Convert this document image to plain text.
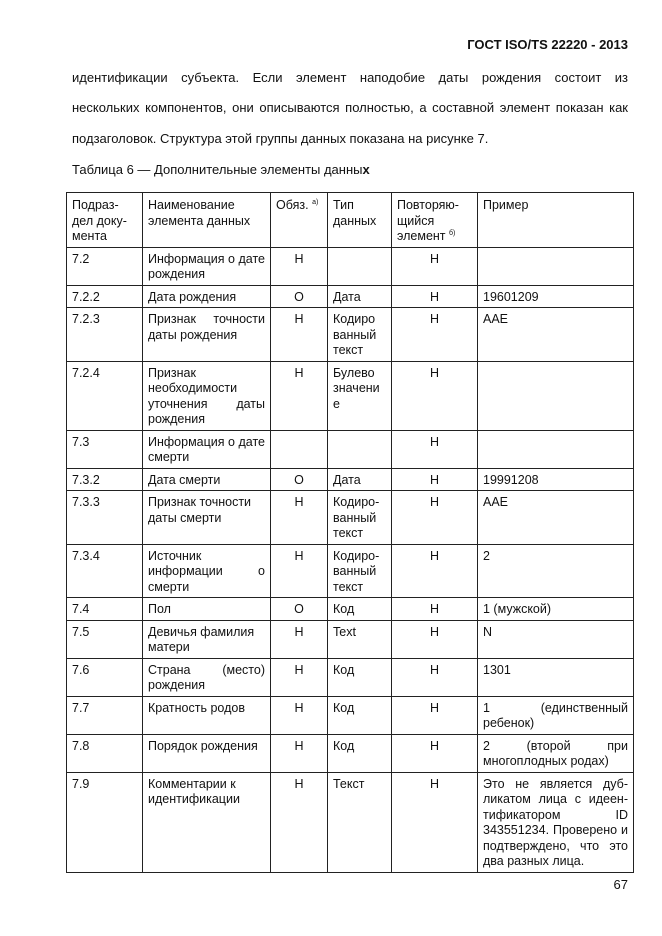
ГОСТ ISO/TS 22220 - 2013
идентификации субъекта. Если элемент наподобие даты рождения состоит из
нескольких компонентов, они описываются полностью, а составной элемент показан как
подзаголовок. Структура этой группы данных показана на рисунке 7.
Таблица 6 — Дополнительные элементы данных
Подраз-дел доку-мента	Наименование элемента данных	Обяз. $^{а)}$	Тип данных	Повторяю-щийся элемент $^{б)}$	Пример
7.2	Информация о дате рождения	Н		Н	
7.2.2	Дата рождения	О	Дата	Н	19601209
7.2.3	Признак точности даты рождения	Н	Кодиро ванный текст	Н	AAE
7.2.4	Признак необходимости уточнения даты рождения	Н	Булево значени е	Н	
7.3	Информация о дате смерти			Н	
7.3.2	Дата смерти	О	Дата	Н	19991208
7.3.3	Признак точности даты смерти	Н	Кодиро-ванный текст	Н	AAE
7.3.4	Источник информации о смерти	Н	Кодиро-ванный текст	Н	2
7.4	Пол	О	Код	Н	1 (мужской)
7.5	Девичья фамилия матери	Н	Text	Н	N
7.6	Страна (место) рождения	Н	Код	Н	1301
7.7	Кратность родов	Н	Код	Н	1 (единственный ребенок)
7.8	Порядок рождения	Н	Код	Н	2 (второй при многоплодных родах)
7.9	Комментарии к идентификации	Н	Текст	Н	Это не является дуб-ликатом лица с идеен-тификатором ID 343551234. Проверено и подтверждено, что это два разных лица.
67
